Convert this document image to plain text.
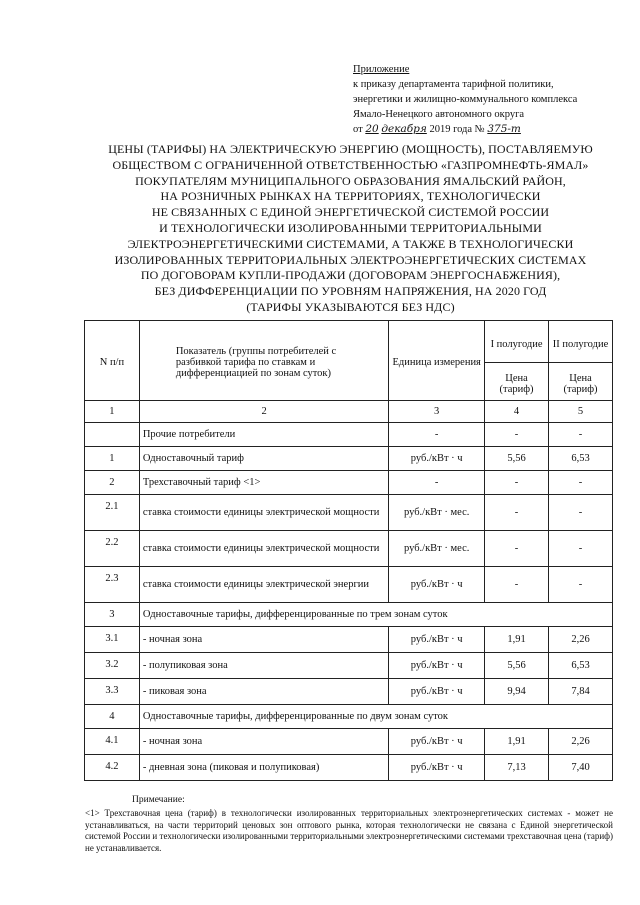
Приложение
к приказу департамента тарифной политики,
энергетики и жилищно-коммунального комплекса
Ямало-Ненецкого автономного округа
от 20 декабря 2019 года № 375-т
ЦЕНЫ (ТАРИФЫ) НА ЭЛЕКТРИЧЕСКУЮ ЭНЕРГИЮ (МОЩНОСТЬ), ПОСТАВЛЯЕМУЮ
ОБЩЕСТВОМ С ОГРАНИЧЕННОЙ ОТВЕТСТВЕННОСТЬЮ «ГАЗПРОМНЕФТЬ-ЯМАЛ»
ПОКУПАТЕЛЯМ МУНИЦИПАЛЬНОГО ОБРАЗОВАНИЯ ЯМАЛЬСКИЙ РАЙОН,
НА РОЗНИЧНЫХ РЫНКАХ НА ТЕРРИТОРИЯХ, ТЕХНОЛОГИЧЕСКИ
НЕ СВЯЗАННЫХ С ЕДИНОЙ ЭНЕРГЕТИЧЕСКОЙ СИСТЕМОЙ РОССИИ
И ТЕХНОЛОГИЧЕСКИ ИЗОЛИРОВАННЫМИ ТЕРРИТОРИАЛЬНЫМИ
ЭЛЕКТРОЭНЕРГЕТИЧЕСКИМИ СИСТЕМАМИ, А ТАКЖЕ В ТЕХНОЛОГИЧЕСКИ
ИЗОЛИРОВАННЫХ ТЕРРИТОРИАЛЬНЫХ ЭЛЕКТРОЭНЕРГЕТИЧЕСКИХ СИСТЕМАХ
ПО ДОГОВОРАМ КУПЛИ-ПРОДАЖИ (ДОГОВОРАМ ЭНЕРГОСНАБЖЕНИЯ),
БЕЗ ДИФФЕРЕНЦИАЦИИ ПО УРОВНЯМ НАПРЯЖЕНИЯ, НА 2020 ГОД
(ТАРИФЫ УКАЗЫВАЮТСЯ БЕЗ НДС)
N п/п	Показатель (группы потребителей с разбивкой тарифа по ставкам и дифференциацией по зонам суток)	Единица измерения	I полугодие	II полугодие
			Цена (тариф)	Цена (тариф)
1	2	3	4	5
	Прочие потребители	-	-	-
1	Одноставочный тариф	руб./кВт · ч	5,56	6,53
2	Трехставочный тариф <1>	-	-	-
2.1	ставка стоимости единицы электрической мощности	руб./кВт · мес.	-	-
2.2	ставка стоимости единицы электрической мощности	руб./кВт · мес.	-	-
2.3	ставка стоимости единицы электрической энергии	руб./кВт · ч	-	-
3	Одноставочные тарифы, дифференцированные по трем зонам суток			
3.1	- ночная зона	руб./кВт · ч	1,91	2,26
3.2	- полупиковая зона	руб./кВт · ч	5,56	6,53
3.3	- пиковая зона	руб./кВт · ч	9,94	7,84
4	Одноставочные тарифы, дифференцированные по двум зонам суток			
4.1	- ночная зона	руб./кВт · ч	1,91	2,26
4.2	- дневная зона (пиковая и полупиковая)	руб./кВт · ч	7,13	7,40
Примечание:
<1> Трехставочная цена (тариф) в технологически изолированных территориальных электроэнергетических системах - может не устанавливаться, на части территорий ценовых зон оптового рынка, которая технологически не связана с Единой энергетической системой России и технологически изолированными территориальными электроэнергетическими системами трехставочная цена (тариф) не устанавливается.
